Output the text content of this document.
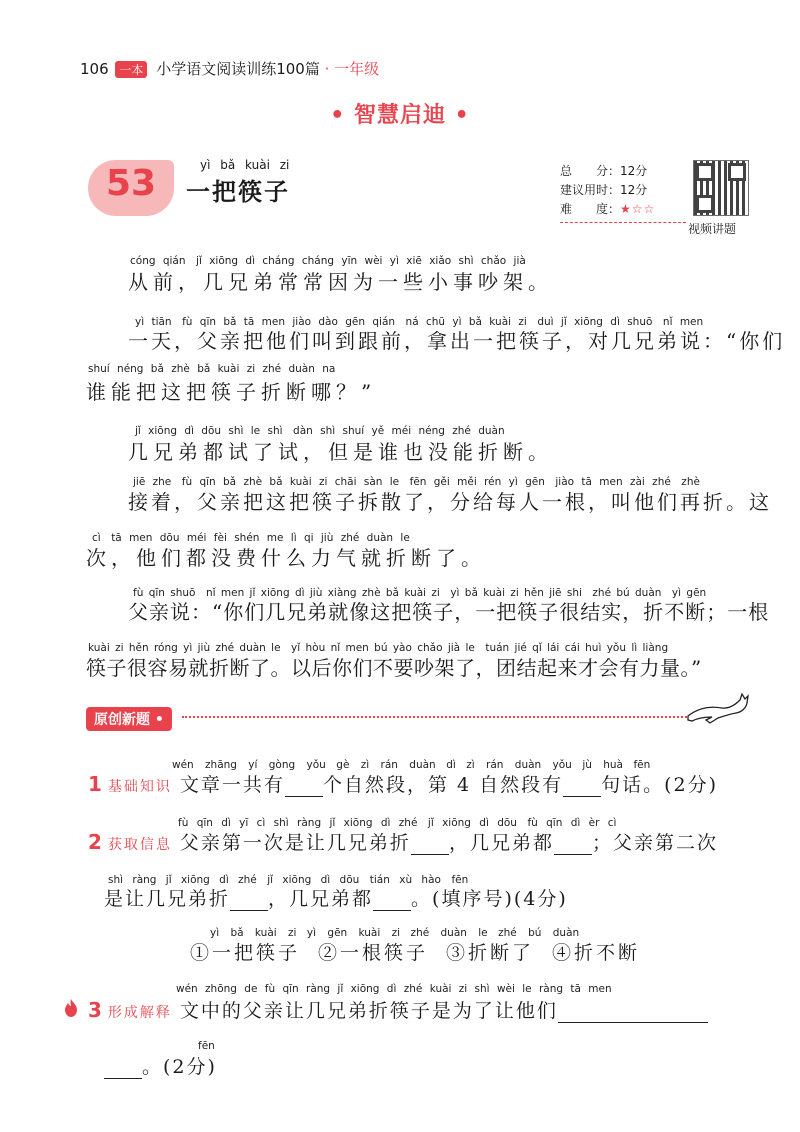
106 一本 小学语文阅读训练100篇 · 一年级
• 智慧启迪 •
53	yì bǎ kuài zi
一把筷子
总　　分：12分
建议用时：12分
难　　度：★☆☆
视频讲题
cóng qián　jǐ xiōng dì cháng cháng yīn wèi yì xiē xiǎo shì chǎo jià
从前，几兄弟常常因为一些小事吵架。
yì tiān　fù qīn bǎ tā men jiào dào gēn qián　ná chū yì bǎ kuài zi　duì jǐ xiōng dì shuō　nǐ men
一天，父亲把他们叫到跟前，拿出一把筷子，对几兄弟说：“你们
shuí néng bǎ zhè bǎ kuài zi zhé duàn na
谁能把这把筷子折断哪？”
jǐ xiōng dì dōu shì le shì　dàn shì shuí yě méi néng zhé duàn
几兄弟都试了试，但是谁也没能折断。
jiē zhe　fù qīn bǎ zhè bǎ kuài zi chāi sàn le　fēn gěi měi rén yì gēn　jiào tā men zài zhé　zhè
接着，父亲把这把筷子拆散了，分给每人一根，叫他们再折。这
cì　tā men dōu méi fèi shén me lì qi jiù zhé duàn le
次，他们都没费什么力气就折断了。
fù qīn shuō　nǐ men jǐ xiōng dì jiù xiàng zhè bǎ kuài zi　yì bǎ kuài zi hěn jiē shi　zhé bú duàn　yì gēn
父亲说：“你们几兄弟就像这把筷子，一把筷子很结实，折不断；一根
kuài zi hěn róng yì jiù zhé duàn le　yǐ hòu nǐ men bú yào chǎo jià le　tuán jié qǐ lái cái huì yǒu lì liàng
筷子很容易就折断了。以后你们不要吵架了，团结起来才会有力量。”
原创新题 •
wén zhāng yí gòng yǒu　gè zì rán duàn　dì　zì rán duàn yǒu　jù huà　fēn
1 基础知识 文章一共有 个自然段，第 4 自然段有 句话。(2分)
fù qīn dì yī cì shì ràng jǐ xiōng dì zhé　jǐ xiōng dì dōu　fù qīn dì èr cì
2 获取信息 父亲第一次是让几兄弟折 ，几兄弟都 ；父亲第二次
shì ràng jǐ xiōng dì zhé　jǐ xiōng dì dōu　tián xù hào　fēn
是让几兄弟折 ，几兄弟都 。(填序号)(4分)
yì bǎ kuài zi　yì gēn kuài zi　zhé duàn le　zhé bú duàn
①一把筷子 ②一根筷子 ③折断了 ④折不断
wén zhōng de fù qīn ràng jǐ xiōng dì zhé kuài zi shì wèi le ràng tā men
3 形成解释 文中的父亲让几兄弟折筷子是为了让他们
fēn
。(2分)
